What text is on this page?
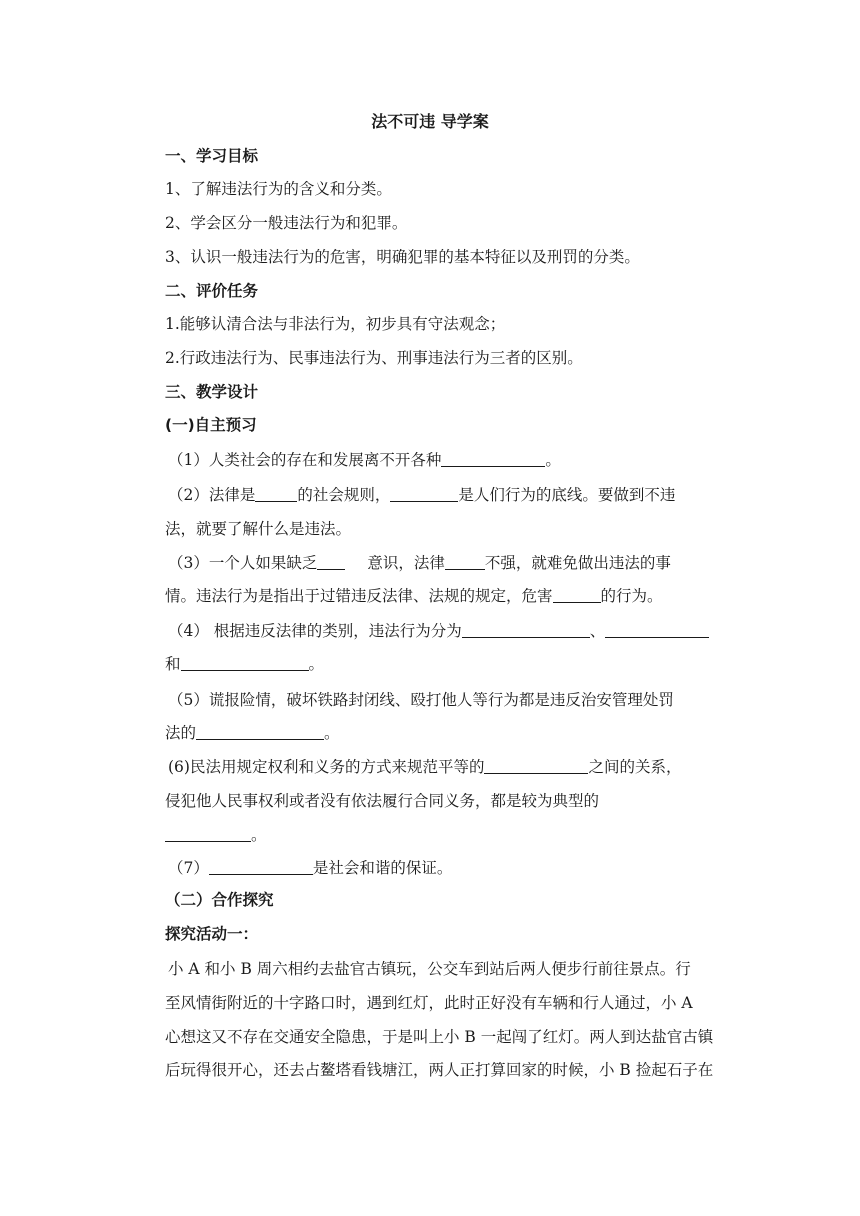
法不可违 导学案
一、学习目标
1、了解违法行为的含义和分类。
2、学会区分一般违法行为和犯罪。
3、认识一般违法行为的危害，明确犯罪的基本特征以及刑罚的分类。
二、评价任务
1.能够认清合法与非法行为，初步具有守法观念；
2.行政违法行为、民事违法行为、刑事违法行为三者的区别。
三、教学设计
(一)自主预习
（1）人类社会的存在和发展离不开各种	。
（2）法律是	的社会规则，	是人们行为的底线。要做到不违
法，就要了解什么是违法。
（3）一个人如果缺乏	意识，法律	不强，就难免做出违法的事
情。违法行为是指出于过错违反法律、法规的规定，危害	的行为。
（4） 根据违反法律的类别，违法行为分为	、
和	。
（5）谎报险情，破坏铁路封闭线、殴打他人等行为都是违反治安管理处罚
法的	。
(6)民法用规定权利和义务的方式来规范平等的	之间的关系，
侵犯他人民事权利或者没有依法履行合同义务，都是较为典型的
。
（7）	是社会和谐的保证。
（二）合作探究
探究活动一：
小 A 和小 B 周六相约去盐官古镇玩，公交车到站后两人便步行前往景点。行
至风情街附近的十字路口时，遇到红灯，此时正好没有车辆和行人通过，小 A
心想这又不存在交通安全隐患，于是叫上小 B 一起闯了红灯。两人到达盐官古镇
后玩得很开心，还去占鳌塔看钱塘江，两人正打算回家的时候，小 B 捡起石子在
